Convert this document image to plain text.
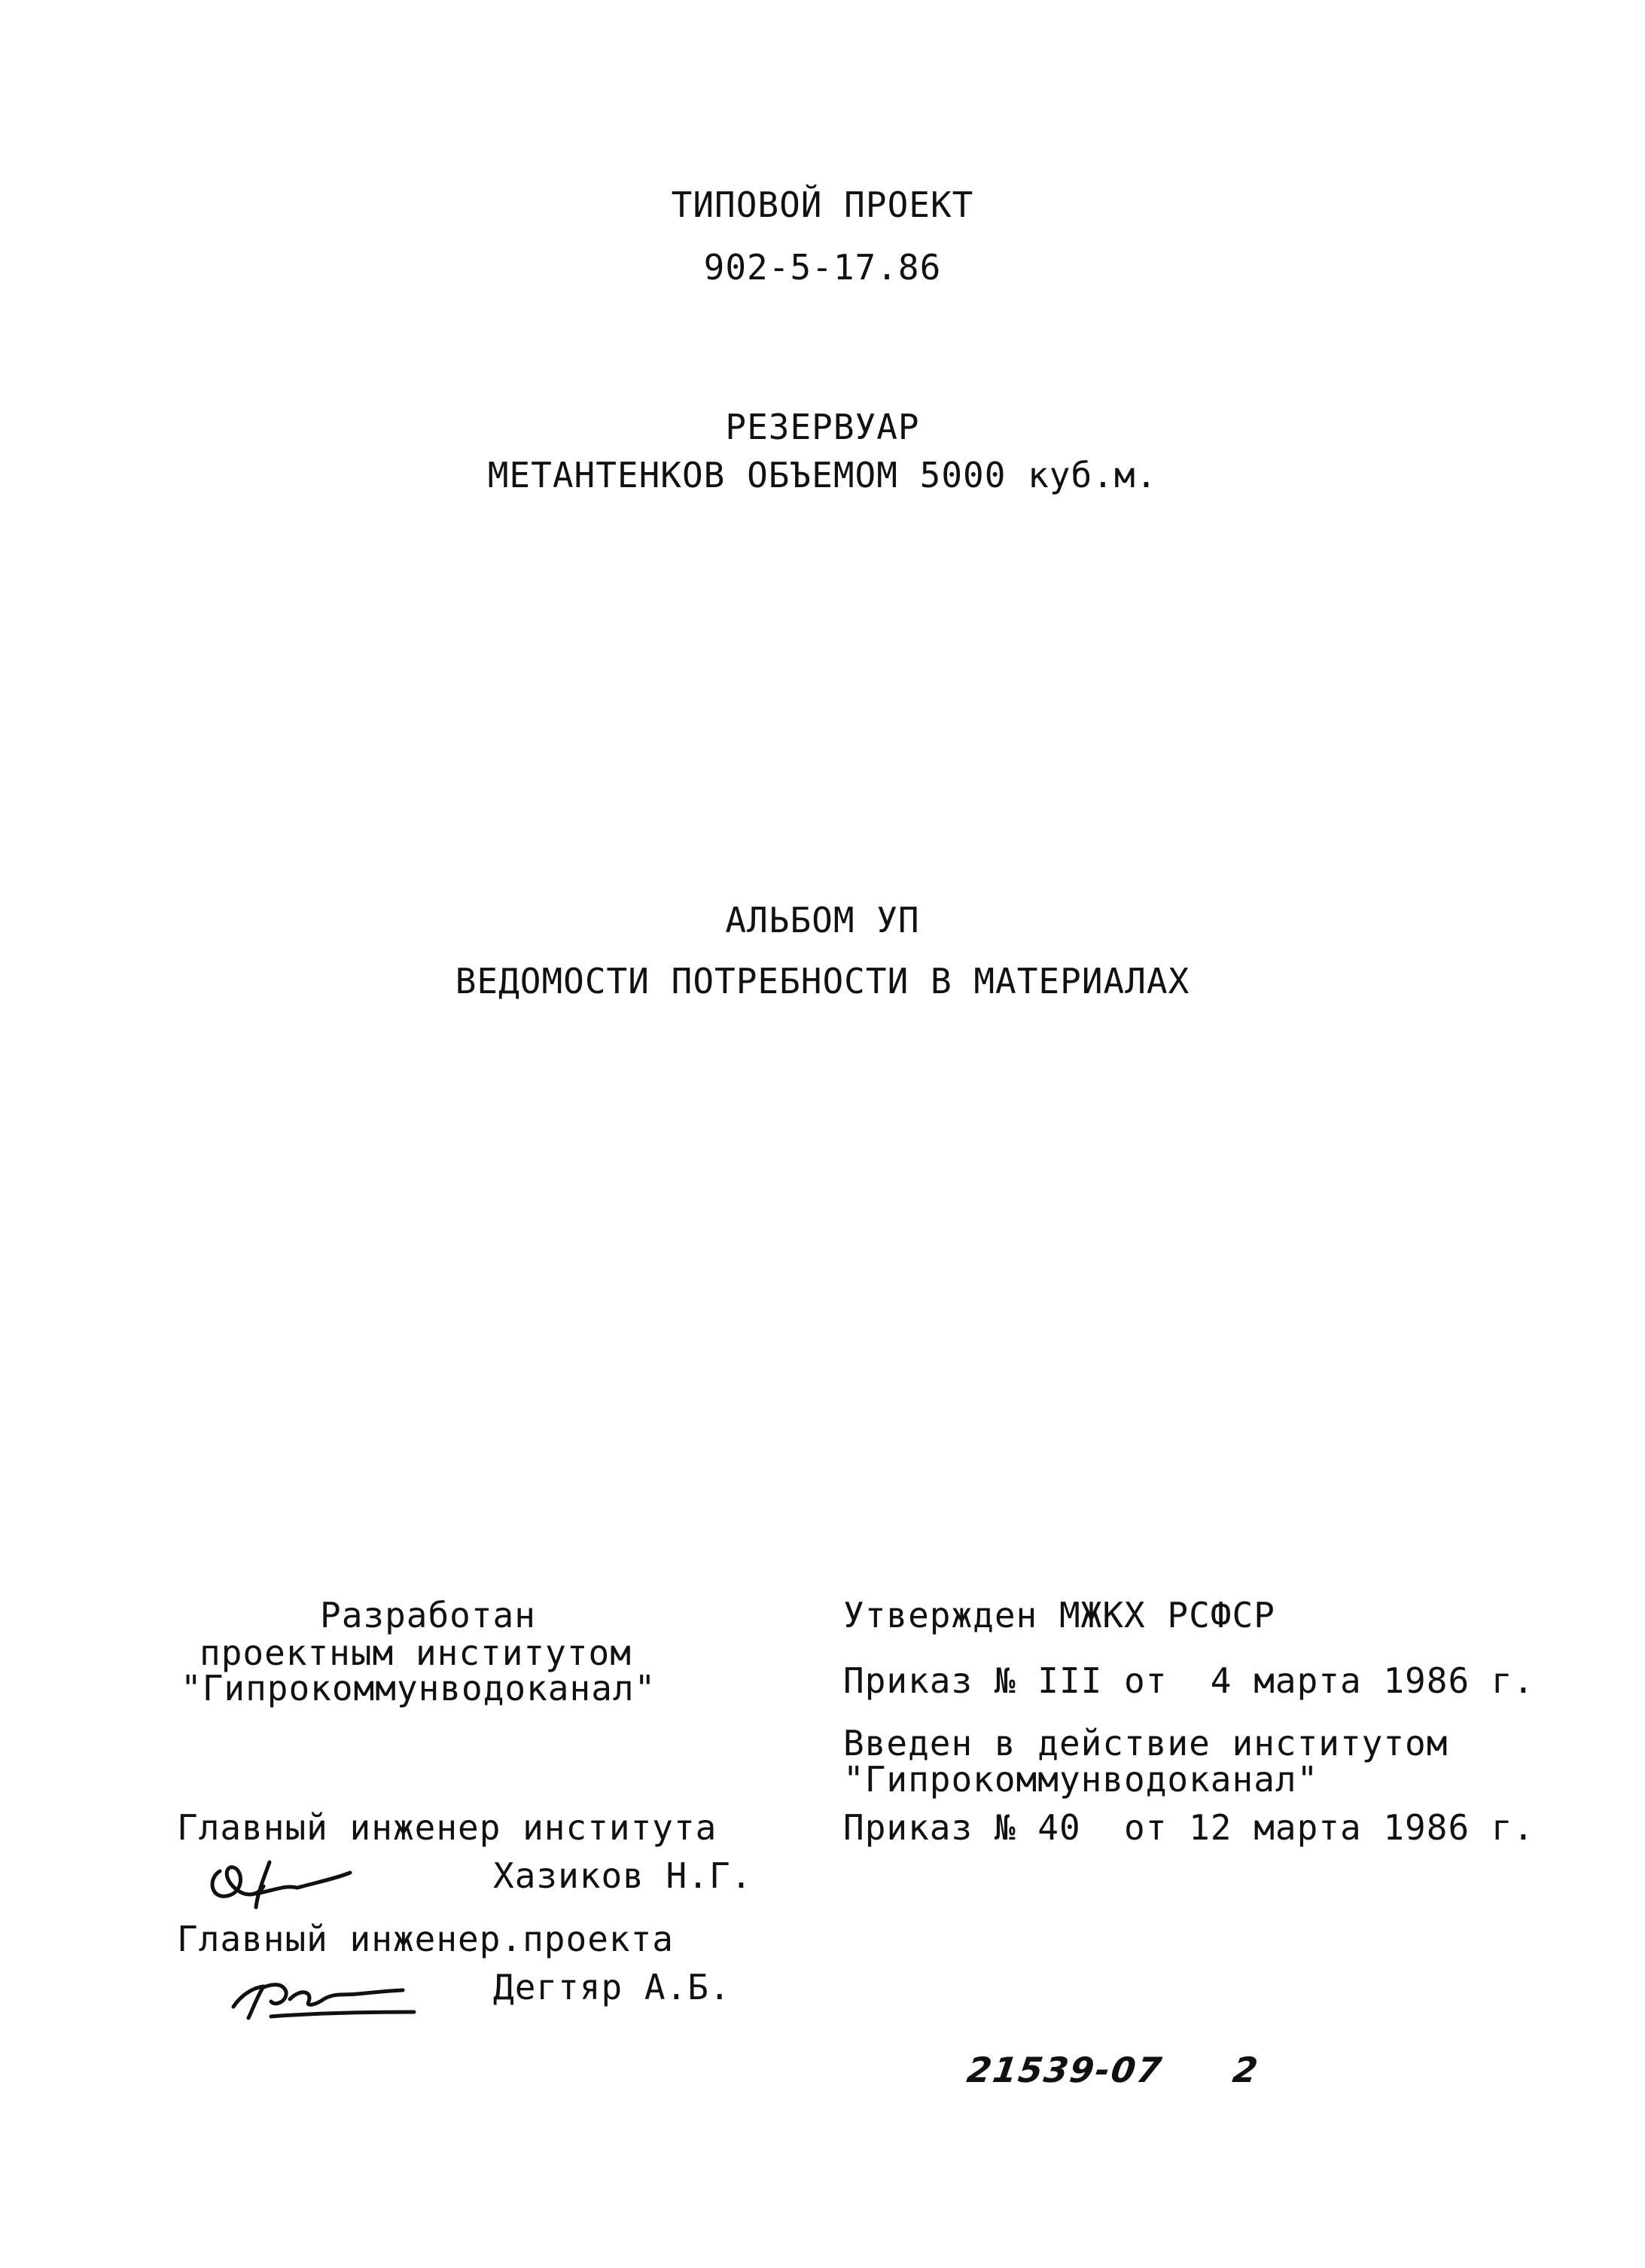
ТИПОВОЙ ПРОЕКТ
902-5-17.86
РЕЗЕРВУАР
МЕТАНТЕНКОВ ОБЪЕМОМ 5000 куб.м.
АЛЬБОМ УП
ВЕДОМОСТИ ПОТРЕБНОСТИ В МАТЕРИАЛАХ
Разработан
проектным институтом
"Гипрокоммунводоканал"
Утвержден МЖКХ РСФСР
Приказ № III от  4 марта 1986 г.
Введен в действие институтом
"Гипрокоммунводоканал"
Приказ № 40  от 12 марта 1986 г.
Главный инженер института
Хазиков Н.Г.
Главный инженер.проекта
Дегтяр А.Б.
21539-07 2
